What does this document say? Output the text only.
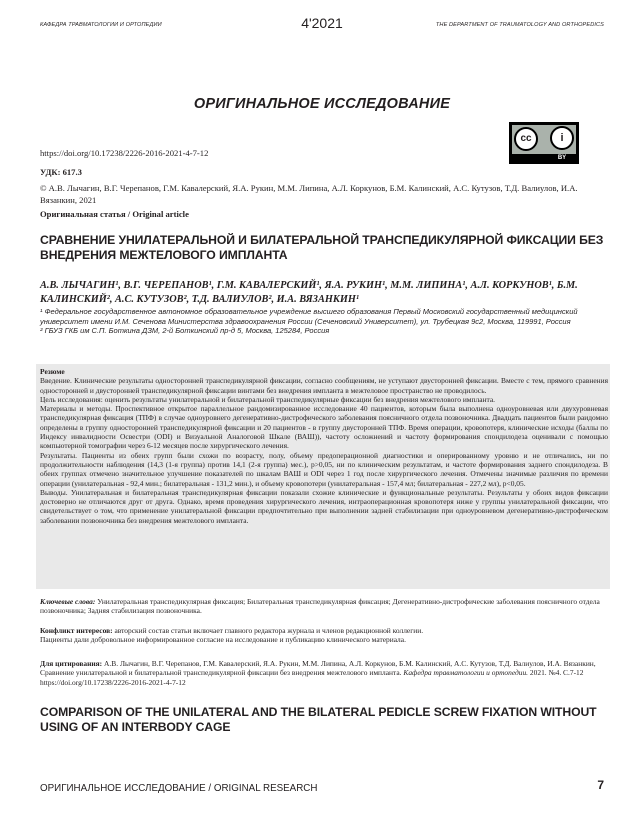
КАФЕДРА ТРАВМАТОЛОГИИ И ОРТОПЕДИИ	4'2021	THE DEPARTMENT OF TRAUMATOLOGY AND ORTHOPEDICS
ОРИГИНАЛЬНОЕ ИССЛЕДОВАНИЕ
cc	i
BY
https://doi.org/10.17238/2226-2016-2021-4-7-12
УДК: 617.3
© А.В. Лычагин, В.Г. Черепанов, Г.М. Кавалерский, Я.А. Рукин, М.М. Липина, А.Л. Коркунов, Б.М. Калинский, А.С. Кутузов, Т.Д. Валиулов, И.А. Вязанкин, 2021
Оригинальная статья / Original article
СРАВНЕНИЕ УНИЛАТЕРАЛЬНОЙ И БИЛАТЕРАЛЬНОЙ ТРАНСПЕДИКУЛЯРНОЙ ФИКСАЦИИ БЕЗ ВНЕДРЕНИЯ МЕЖТЕЛОВОГО ИМПЛАНТА
А.В. ЛЫЧАГИН¹, В.Г. ЧЕРЕПАНОВ¹, Г.М. КАВАЛЕРСКИЙ¹, Я.А. РУКИН¹, М.М. ЛИПИНА¹, А.Л. КОРКУНОВ¹, Б.М. КАЛИНСКИЙ², А.С. КУТУЗОВ², Т.Д. ВАЛИУЛОВ², И.А. ВЯЗАНКИН¹
¹ Федеральное государственное автономное образовательное учреждение высшего образования Первый Московский государственный медицинский университет имени И.М. Сеченова Министерства здравоохранения России (Сеченовский Университет), ул. Трубецкая 9с2, Москва, 119991, Россия
² ГБУЗ ГКБ им С.П. Боткина ДЗМ, 2-й Боткинский пр-д 5, Москва, 125284, Россия
Резюме

Введение. Клинические результаты односторонней транспедикулярной фиксации, согласно сообщениям, не уступают двусторонней фиксации. Вместе с тем, прямого сравнения односторонней и двусторонней транспедикулярной фиксации винтами без внедрения импланта в межтеловое пространство не проводилось.

Цель исследования: оценить результаты унилатеральной и билатеральной транспедикулярные фиксации без внедрения межтелового импланта.

Материалы и методы. Проспективное открытое параллельное рандомизированное исследование 40 пациентов, которым была выполнена одноуровневая или двухуровневая транспедикулярная фиксация (ТПФ) в случае одноуровнего дегенеративно-дистрофического заболевания поясничного отдела позвоночника. Двадцать пациентов были раидомно определены в группу односторонней транспедикулярной фиксации и 20 пациентов - в группу двусторонней ТПФ. Время операции, кровопотеря, клинические исходы (баллы по Индексу инвалидности Освестри (ODI) и Визуальной Аналоговой Шкале (ВАШ)), частоту осложнений и частоту формирования спондилодеза оценивали с помощью компьютерной томографии через 6-12 месяцев после хирургического лечения.

Результаты. Пациенты из обеих групп были схожи по возрасту, полу, объему предоперационной диагностики и оперированному уровню и не отличались, ни по продолжительности наблюдения (14,3 (1-я группа) против 14,1 (2-я группа) мес.), p>0,05, ни по клиническим результатам, и частоте формирования заднего спондилодеза. В обеих группах отмечено значительное улучшение показателей по шкалам ВАШ и ODI через 1 год после хирургического лечения. Отмечены значимые различия по времени операции (унилатеральная - 92,4 мин.; билатеральная - 131,2 мин.), и объему кровопотери (унилатеральная - 157,4 мл; билатеральная - 227,2 мл), p<0,05.

Выводы. Унилатеральная и билатеральная транспедикулярная фиксации показали схожие клинические и функциональные результаты. Результаты у обоих видов фиксации достоверно не отличаются друг от друга. Однако, время проведения хирургического лечения, интраоперационная кровопотеря ниже у группы унилатеральной фиксации, что свидетельствует о том, что применение унилатеральной фиксации предпочтительно при выполнении задней стабилизации при одноуровневом дегенеративно-дистрофическом заболевании позвоночника без внедрения межтелового импланта.

Ключевые слова: Унилатеральная транспедикулярная фиксация; Билатеральная транспедикулярная фиксация; Дегенеративно-дистрофические заболевания поясничного отдела позвоночника; Задняя стабилизация позвоночника.
Конфликт интересов: авторский состав статьи включает главного редактора журнала и членов редакционной коллегии.
Пациенты дали добровольное информированное согласие на исследование и публикацию клинического материала.
Для цитирования: А.В. Лычагин, В.Г. Черепанов, Г.М. Кавалерский, Я.А. Рукин, М.М. Липина, А.Л. Коркунов, Б.М. Калинский, А.С. Кутузов, Т.Д. Валиулов, И.А. Вязанкин, Сравнение унилатеральной и билатеральной транспедикулярной фиксации без внедрения межтелового импланта. Кафедра травматологии и ортопедии. 2021. №4. С.7-12 https://doi.org/10.17238/2226-2016-2021-4-7-12
COMPARISON OF THE UNILATERAL AND THE BILATERAL PEDICLE SCREW FIXATION WITHOUT USING OF AN INTERBODY CAGE
ОРИГИНАЛЬНОЕ ИССЛЕДОВАНИЕ / ORIGINAL RESEARCH	7
